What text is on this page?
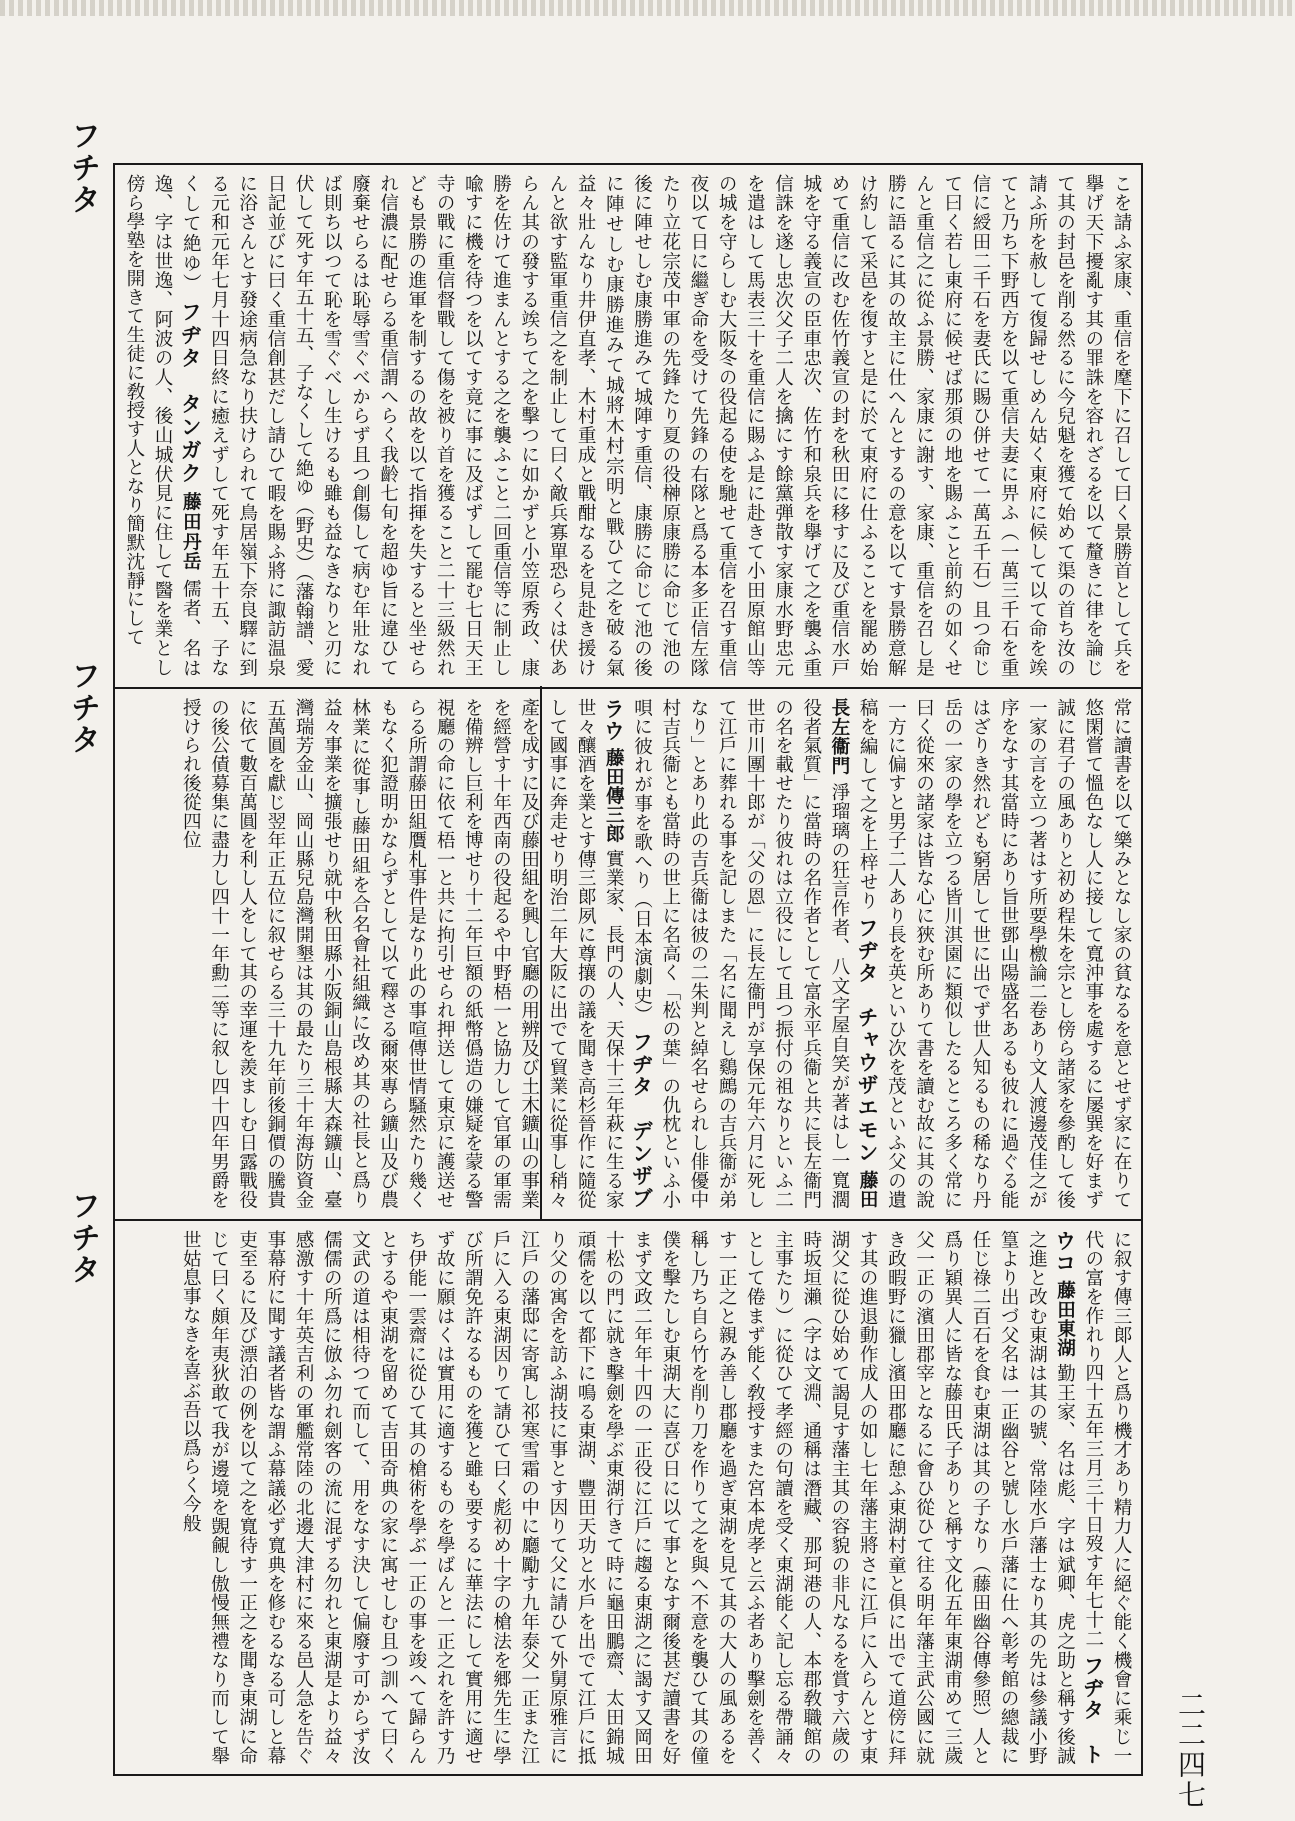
フチタ
フチタ
フチタ
二二四七
こを請ふ家康、重信を麾下に召して曰く景勝首として兵を擧げ天下擾亂す其の罪誅を容れざるを以て釐きに律を論じて其の封邑を削る然るに今兒魁を獲て始めて渠の首ち汝の請ふ所を赦して復歸せしめん姑く東府に候して以て命を竢てと乃ち下野西方を以て重信夫妻に畀ふ（一萬三千石を重信に綬田二千石を妻氏に賜ひ併せて一萬五千石）且つ命じて曰く若し東府に候せば那須の地を賜ふこと前約の如くせんと重信之に從ふ景勝、家康に謝す、家康、重信を召し是勝に語るに其の故主に仕へんとするの意を以てす景勝意解け約して采邑を復すと是に於て東府に仕ふることを罷め始めて重信に改む佐竹義宣の封を秋田に移すに及び重信水戸城を守る義宣の臣車忠次、佐竹和泉兵を擧げて之を襲ふ重信誅を遂し忠次父子二人を擒にす餘黨弾散す家康水野忠元を遣はして馬表三十を重信に賜ふ是に赴きて小田原館山等の城を守らしむ大阪冬の役起る使を馳せて重信を召す重信夜以て日に繼ぎ命を受けて先鋒の右隊と爲る本多正信左隊たり立花宗茂中軍の先鋒たり夏の役榊原康勝に命じて池の後に陣せしむ康勝進みて城陣す重信、康勝に命じて池の後に陣せしむ康勝進みて城將木村宗明と戰ひて之を破る氣益々壯んなり井伊直孝、木村重成と戰酣なるを見赴き援けんと欲す監軍重信之を制止して曰く敵兵寡單恐らくは伏あらん其の發する竢ちて之を擊つに如かずと小笠原秀政、康勝を佐けて進まんとする之を襲ふこと二回重信等に制止し喩すに機を待つを以てす竟に事に及ばずして罷む七日天王寺の戰に重信督戰して傷を被り首を獲ること二十三級然れども景勝の進軍を制するの故を以て指揮を失すると坐せられ信濃に配せらる重信謂へらく我齡七旬を超ゆ旨に違ひて廢棄せらるは恥辱雪ぐべからず且つ創傷して病む年壯なれば則ち以つて恥を雪ぐべし生けるも雖も益なきなりと刃に伏して死す年五十五、子なくして絶ゆ（野史）（藩翰譜、愛日記並びに曰く重信創甚だし請ひて暇を賜ふ將に諏訪温泉に浴さんとす發途病急なり扶けられて鳥居嶺下奈良驛に到る元和元年七月十四日終に癒えずして死す年五十五、子なくして絶ゆ） フヂタ　タンガク 藤田丹岳 儒者、名は逸、字は世逸、阿波の人、後山城伏見に住して醫を業とし傍ら學塾を開きて生徒に敎授す人となり簡默沈靜にして
常に讀書を以て樂みとなし家の貧なるを意とせず家に在りて悠閑嘗て慍色なし人に接して寬沖事を處するに屡巽を好まず誠に君子の風ありと初め程朱を宗とし傍ら諸家を參酌して後一家の言を立つ著はす所要學檄論二卷あり文人渡邊茂佳之が序をなす其當時にあり旨世鄧山陽盛名あるも彼れに過ぐる能はざりき然れども窮居して世に出でず世人知るもの稀なり丹岳の一家の學を立つる皆川淇園に類似したるところ多く常に曰く從來の諸家は皆な心に狹む所ありて書を讀む故に其の說一方に偏すと男子二人あり長を英といひ次を茂といふ父の遺稿を編して之を上梓せり フヂタ　チャウザエモン 藤田長左衞門 淨瑠璃の狂言作者、八文字屋自笑が著はし一寬濶役者氣質」に當時の名作者として富永平兵衞と共に長左衞門の名を載せたり彼れは立役にして且つ振付の祖なりといふ二世市川團十郎が「父の恩」に長左衞門が享保元年六月に死して江戶に葬れる事を記しまた「名に聞えし鷄鷓の吉兵衞が弟なり」とあり此の吉兵衞は彼の二朱判と綽名せられし俳優中村吉兵衞とも當時の世上に名高く「松の葉」の仇枕といふ小唄に彼れが事を歌へり（日本演劇史） フヂタ　デンザブラウ 藤田傳三郎 實業家、長門の人、天保十三年萩に生る家世々釀酒を業とす傳三郞夙に尊攘の議を聞き高杉晉作に隨從して國事に奔走せり明治二年大阪に出でて貿業に從事し稍々產を成すに及び藤田組を興し官廳の用辨及び土木鑛山の事業を經營す十年西南の役起るや中野梧一と協力して官軍の軍需を備辨し巨利を博せり十二年巨額の紙幣僞造の嫌疑を蒙る警視廳の命に依て梧一と共に拘引せられ押送して東京に護送せらる所謂藤田組贋札事件是なり此の事喧傳世情騷然たり幾くもなく犯證明かならずとして以て釋さる爾來專ら鑛山及び農林業に從事し藤田組を合名會社組織に改め其の社長と爲り益々事業を擴張せり就中秋田縣小阪銅山島根縣大森鑛山、臺灣瑞芳金山、岡山縣兒島灣開墾は其の最たり三十年海防資金五萬圓を獻じ翌年正五位に叙せらる三十九年前後銅價の騰貴に依て數百萬圓を利し人をして其の幸運を羨ましむ日露戰役の後公債募集に盡力し四十一年勳二等に叙し四十四年男爵を授けられ後從四位
に叙す傳三郞人と爲り機才あり精力人に絕ぐ能く機會に乘じ一代の富を作れり四十五年三月三十日歿す年七十二 フヂタ　トウコ 藤田東湖 勤王家、名は彪、字は斌卿、虎之助と稱す後誠之進と改む東湖は其の號、常陸水戶藩士なり其の先は參議小野篁より出づ父名は一正幽谷と號し水戶藩に仕へ彰考館の總裁に任じ祿二百石を食む東湖は其の子なり（藤田幽谷傳參照）人と爲り穎異人に皆な藤田氏子ありと稱す文化五年東湖甫めて三歲父一正の濱田郡宰となるに會ひ從ひて往る明年藩主武公國に就き政暇野に獵し濱田郡廳に憩ふ東湖村童と俱に出でて道傍に拜す其の進退動作成人の如し七年藩主將さに江戶に入らんとす東湖父に從ひ始めて謁見す藩主其の容貌の非凡なるを賞す六歲の時坂垣瀨（字は文淵、通稱は潛藏、那珂港の人、本郡敎職館の主事たり）に從ひて孝經の句讀を受く東湖能く記し忘る帶誦々として倦まず能く敎授すまた宮本虎孝と云ふ者あり擊劍を善くす一正之と親み善し郡廳を過ぎ東湖を見て其の大人の風あるを稱し乃ち自ら竹を削り刀を作りて之を與へ不意を襲ひて其の僮僕を擊たしむ東湖大に喜び日に以て事となす爾後甚だ讀書を好まず文政二年年十四の一正役に江戶に趨る東湖之に謁す又岡田十松の門に就き擊劍を學ぶ東湖行きて時に龜田鵬齋、太田錦城頑儒を以て都下に鳴る東湖、豐田天功と水戶を出でて江戶に抵り父の寓舍を訪ふ湖技に事とす因りて父に請ひて外舅原雅言に江戶の藩邸に寄寓し祁寒雪霜の中に廳勵す九年泰父一正また江戶に入る東湖因りて請ひて曰く彪初め十字の槍法を郷先生に學び所謂免許なるものを獲と雖も要するに華法にして實用に適せず故に願はくは實用に適するものを學ばんと一正之れを許す乃ち伊能一雲齋に從ひて其の槍術を學ぶ一正の事を竣へて歸らんとするや東湖を留めて吉田奇典の家に寓せしむ且つ訓へて曰く文武の道は相待つて而して、用をなす決して偏廢す可からず汝儒儒の所爲に倣ふ勿れ劍客の流に混ずる勿れと東湖是より益々感激す十年英吉利の軍艦常陸の北邊大津村に來る邑人急を告ぐ事幕府に聞す議者皆な謂ふ幕議必ず寬典を修むるなる可しと幕吏至るに及び漂泊の例を以て之を寬待す一正之を聞き東湖に命じて曰く頗年夷狄敢て我が邊境を覬覦し傲慢無禮なり而して舉世姑息事なきを喜ぶ吾以爲らく今般
